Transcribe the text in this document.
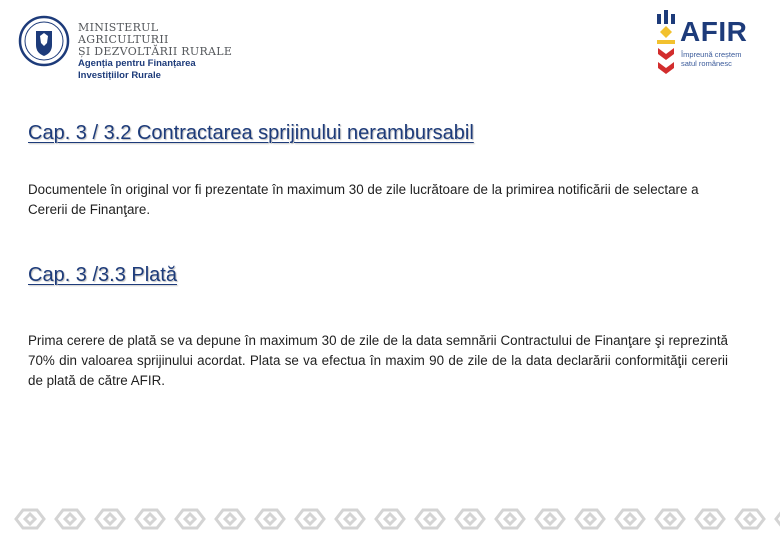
MINISTERUL AGRICULTURII
ȘI DEZVOLTĂRII RURALE
Agenția pentru Finanțarea
Investițiilor Rurale
AFIR
Împreună creștem
satul românesc
Cap. 3 / 3.2 Contractarea sprijinului nerambursabil
Documentele în original vor fi prezentate în maximum 30 de zile lucrătoare de la primirea notificării de selectare a Cererii de Finanţare.
Cap. 3 /3.3 Plată
Prima cerere de plată se va depune în maximum 30 de zile de la data semnării Contractului de Finanţare şi reprezintă 70% din valoarea sprijinului acordat. Plata se va efectua în maxim 90 de zile de la data declarării conformităţii cererii de plată de către AFIR.
